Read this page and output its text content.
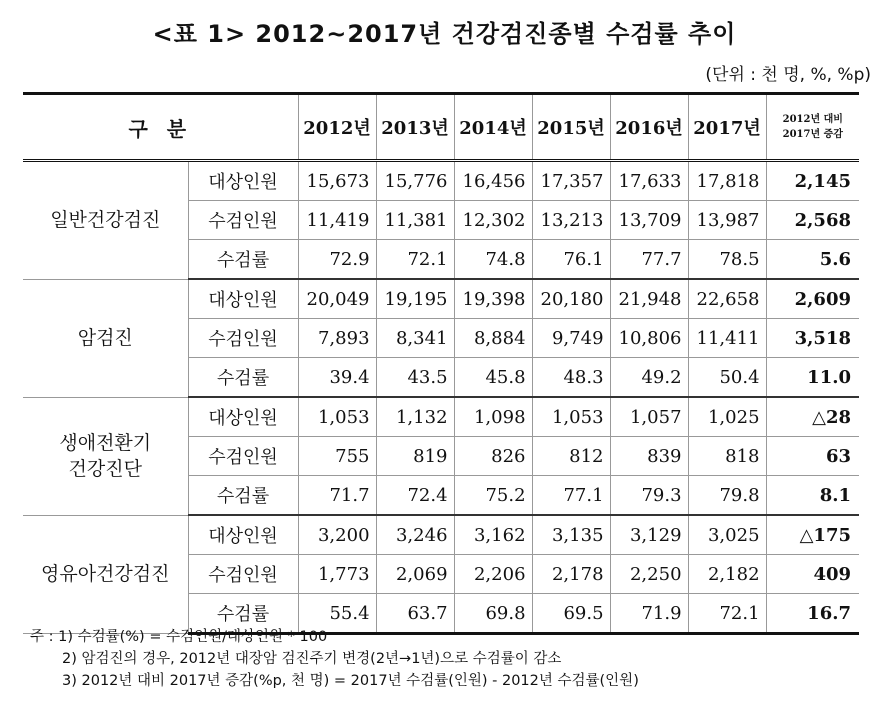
<표 1> 2012~2017년 건강검진종별 수검률 추이
(단위 : 천 명, %, %p)
구 분		2012년	2013년	2014년	2015년	2016년	2017년	2012년 대비
2017년 증감
일반건강검진	대상인원	15,673	15,776	16,456	17,357	17,633	17,818	2,145
	수검인원	11,419	11,381	12,302	13,213	13,709	13,987	2,568
	수검률	72.9	72.1	74.8	76.1	77.7	78.5	5.6
암검진	대상인원	20,049	19,195	19,398	20,180	21,948	22,658	2,609
	수검인원	7,893	8,341	8,884	9,749	10,806	11,411	3,518
	수검률	39.4	43.5	45.8	48.3	49.2	50.4	11.0
생애전환기
건강진단	대상인원	1,053	1,132	1,098	1,053	1,057	1,025	△28
	수검인원	755	819	826	812	839	818	63
	수검률	71.7	72.4	75.2	77.1	79.3	79.8	8.1
영유아건강검진	대상인원	3,200	3,246	3,162	3,135	3,129	3,025	△175
	수검인원	1,773	2,069	2,206	2,178	2,250	2,182	409
	수검률	55.4	63.7	69.8	69.5	71.9	72.1	16.7
주 : 1) 수검률(%) = 수검인원/대상인원 * 100
2) 암검진의 경우, 2012년 대장암 검진주기 변경(2년→1년)으로 수검률이 감소
3) 2012년 대비 2017년 증감(%p, 천 명) = 2017년 수검률(인원) - 2012년 수검률(인원)
